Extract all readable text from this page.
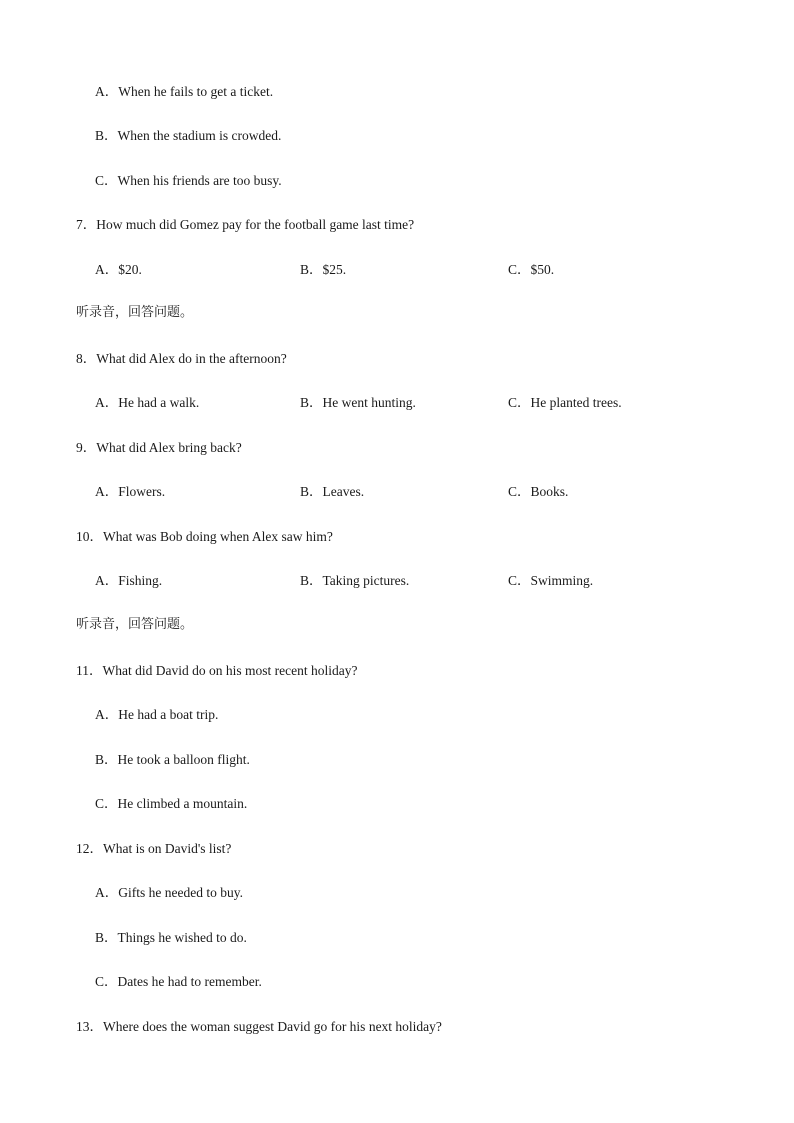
A．When he fails to get a ticket.
B．When the stadium is crowded.
C．When his friends are too busy.
7．How much did Gomez pay for the football game last time?
A．$20.	B．$25.	C．$50.
听录音，回答问题。
8．What did Alex do in the afternoon?
A．He had a walk.	B．He went hunting.	C．He planted trees.
9．What did Alex bring back?
A．Flowers.	B．Leaves.	C．Books.
10．What was Bob doing when Alex saw him?
A．Fishing.	B．Taking pictures.	C．Swimming.
听录音，回答问题。
11．What did David do on his most recent holiday?
A．He had a boat trip.
B．He took a balloon flight.
C．He climbed a mountain.
12．What is on David's list?
A．Gifts he needed to buy.
B．Things he wished to do.
C．Dates he had to remember.
13．Where does the woman suggest David go for his next holiday?
